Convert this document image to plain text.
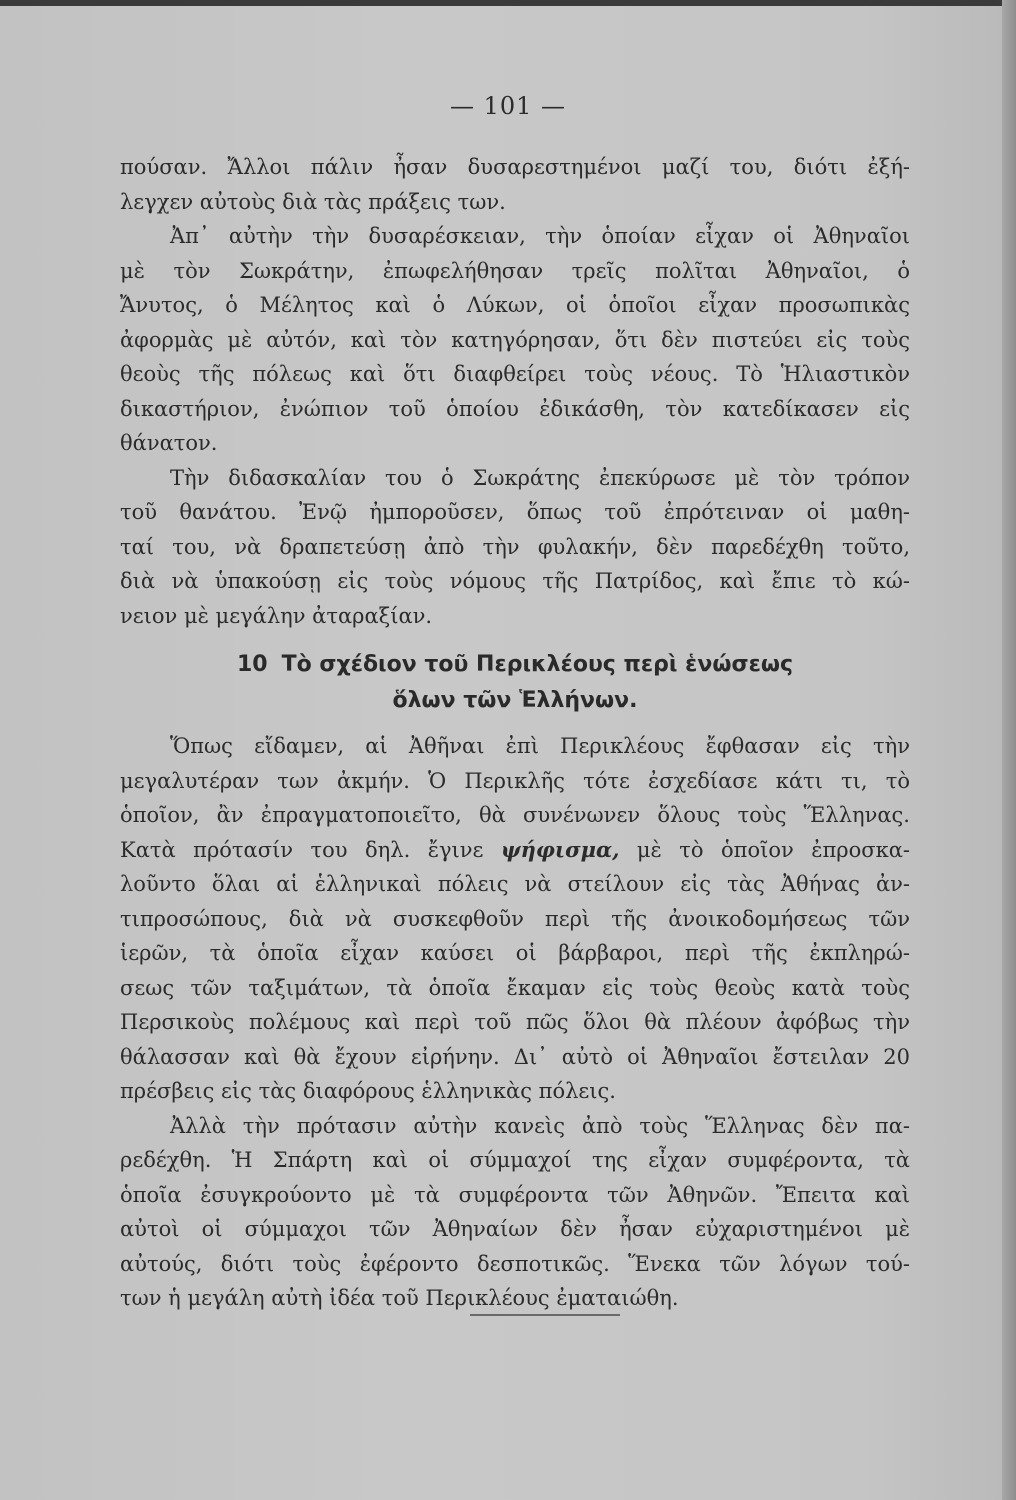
— 101 —
πούσαν. Ἄλλοι πάλιν ἦσαν δυσαρεστημένοι μαζί του, διότι ἐξή-
λεγχεν αὐτοὺς διὰ τὰς πράξεις των.
Ἀπ᾿ αὐτὴν τὴν δυσαρέσκειαν, τὴν ὁποίαν εἶχαν οἱ Ἀθηναῖοι
μὲ τὸν Σωκράτην, ἐπωφελήθησαν τρεῖς πολῖται Ἀθηναῖοι, ὁ
Ἄνυτος, ὁ Μέλητος καὶ ὁ Λύκων, οἱ ὁποῖοι εἶχαν προσωπικὰς
ἀφορμὰς μὲ αὐτόν, καὶ τὸν κατηγόρησαν, ὅτι δὲν πιστεύει εἰς τοὺς
θεοὺς τῆς πόλεως καὶ ὅτι διαφθείρει τοὺς νέους. Τὸ Ἡλιαστικὸν
δικαστήριον, ἐνώπιον τοῦ ὁποίου ἐδικάσθη, τὸν κατεδίκασεν εἰς
θάνατον.
Τὴν διδασκαλίαν του ὁ Σωκράτης ἐπεκύρωσε μὲ τὸν τρόπον
τοῦ θανάτου. Ἐνῷ ἠμποροῦσεν, ὅπως τοῦ ἐπρότειναν οἱ μαθη-
ταί του, νὰ δραπετεύσῃ ἀπὸ τὴν φυλακήν, δὲν παρεδέχθη τοῦτο,
διὰ νὰ ὑπακούσῃ εἰς τοὺς νόμους τῆς Πατρίδος, καὶ ἔπιε τὸ κώ-
νειον μὲ μεγάλην ἀταραξίαν.
10 Τὸ σχέδιον τοῦ Περικλέους περὶ ἑνώσεως
ὅλων τῶν Ἑλλήνων.
Ὅπως εἴδαμεν, αἱ Ἀθῆναι ἐπὶ Περικλέους ἔφθασαν εἰς τὴν
μεγαλυτέραν των ἀκμήν. Ὁ Περικλῆς τότε ἐσχεδίασε κάτι τι, τὸ
ὁποῖον, ἂν ἐπραγματοποιεῖτο, θὰ συνένωνεν ὅλους τοὺς Ἕλληνας.
Κατὰ πρότασίν του δηλ. ἔγινε ψήφισμα, μὲ τὸ ὁποῖον ἐπροσκα-
λοῦντο ὅλαι αἱ ἑλληνικαὶ πόλεις νὰ στείλουν εἰς τὰς Ἀθήνας ἀν-
τιπροσώπους, διὰ νὰ συσκεφθοῦν περὶ τῆς ἀνοικοδομήσεως τῶν
ἱερῶν, τὰ ὁποῖα εἶχαν καύσει οἱ βάρβαροι, περὶ τῆς ἐκπληρώ-
σεως τῶν ταξιμάτων, τὰ ὁποῖα ἔκαμαν εἰς τοὺς θεοὺς κατὰ τοὺς
Περσικοὺς πολέμους καὶ περὶ τοῦ πῶς ὅλοι θὰ πλέουν ἀφόβως τὴν
θάλασσαν καὶ θὰ ἔχουν εἰρήνην. Δι᾿ αὐτὸ οἱ Ἀθηναῖοι ἔστειλαν 20
πρέσβεις εἰς τὰς διαφόρους ἑλληνικὰς πόλεις.
Ἀλλὰ τὴν πρότασιν αὐτὴν κανεὶς ἀπὸ τοὺς Ἕλληνας δὲν πα-
ρεδέχθη. Ἡ Σπάρτη καὶ οἱ σύμμαχοί της εἶχαν συμφέροντα, τὰ
ὁποῖα ἐσυγκρούοντο μὲ τὰ συμφέροντα τῶν Ἀθηνῶν. Ἔπειτα καὶ
αὐτοὶ οἱ σύμμαχοι τῶν Ἀθηναίων δὲν ἦσαν εὐχαριστημένοι μὲ
αὐτούς, διότι τοὺς ἐφέροντο δεσποτικῶς. Ἕνεκα τῶν λόγων τού-
των ἡ μεγάλη αὐτὴ ἰδέα τοῦ Περικλέους ἐματαιώθη.
